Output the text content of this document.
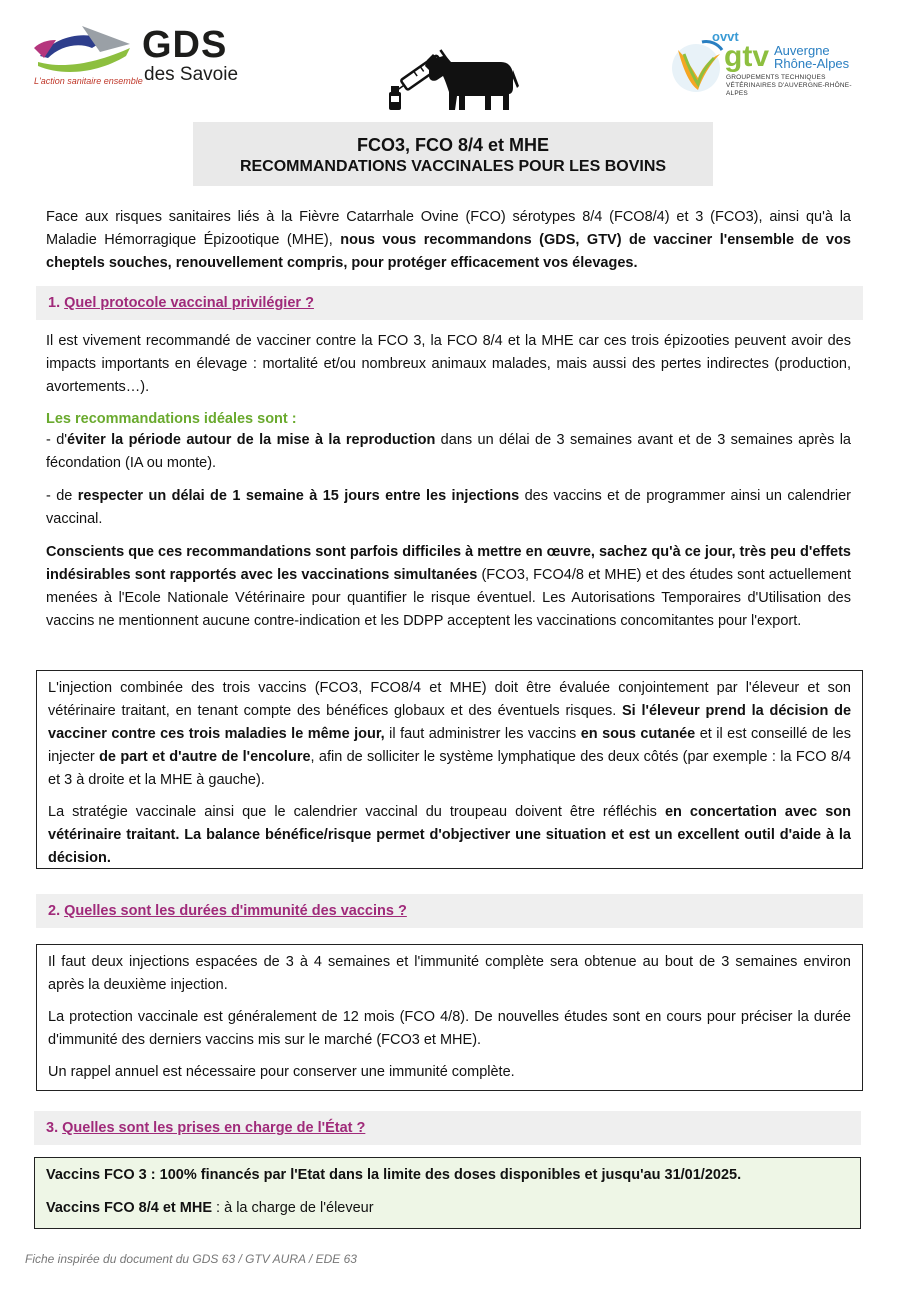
GDS
des Savoie
L'action sanitaire ensemble
ovvt
gtv Auvergne
Rhône-Alpes
GROUPEMENTS TECHNIQUES VÉTÉRINAIRES D'AUVERGNE-RHÔNE-ALPES
FCO3, FCO 8/4 et MHE
RECOMMANDATIONS VACCINALES POUR LES BOVINS

Face aux risques sanitaires liés à la Fièvre Catarrhale Ovine (FCO) sérotypes 8/4 (FCO8/4) et 3 (FCO3), ainsi qu'à la Maladie Hémorragique Épizootique (MHE), nous vous recommandons (GDS, GTV) de vacciner l'ensemble de vos cheptels souches, renouvellement compris, pour protéger efficacement vos élevages.

1. Quel protocole vaccinal privilégier ?

Il est vivement recommandé de vacciner contre la FCO 3, la FCO 8/4 et la MHE car ces trois épizooties peuvent avoir des impacts importants en élevage : mortalité et/ou nombreux animaux malades, mais aussi des pertes indirectes (production, avortements…).

Les recommandations idéales sont :

- d'éviter la période autour de la mise à la reproduction dans un délai de 3 semaines avant et de 3 semaines après la fécondation (IA ou monte).

- de respecter un délai de 1 semaine à 15 jours entre les injections des vaccins et de programmer ainsi un calendrier vaccinal.

Conscients que ces recommandations sont parfois difficiles à mettre en œuvre, sachez qu'à ce jour, très peu d'effets indésirables sont rapportés avec les vaccinations simultanées (FCO3, FCO4/8 et MHE) et des études sont actuellement menées à l'Ecole Nationale Vétérinaire pour quantifier le risque éventuel. Les Autorisations Temporaires d'Utilisation des vaccins ne mentionnent aucune contre-indication et les DDPP acceptent les vaccinations concomitantes pour l'export.

L'injection combinée des trois vaccins (FCO3, FCO8/4 et MHE) doit être évaluée conjointement par l'éleveur et son vétérinaire traitant, en tenant compte des bénéfices globaux et des éventuels risques. Si l'éleveur prend la décision de vacciner contre ces trois maladies le même jour, il faut administrer les vaccins en sous cutanée et il est conseillé de les injecter de part et d'autre de l'encolure, afin de solliciter le système lymphatique des deux côtés (par exemple : la FCO 8/4 et 3 à droite et la MHE à gauche).

La stratégie vaccinale ainsi que le calendrier vaccinal du troupeau doivent être réfléchis en concertation avec son vétérinaire traitant. La balance bénéfice/risque permet d'objectiver une situation et est un excellent outil d'aide à la décision.

2. Quelles sont les durées d'immunité des vaccins ?

Il faut deux injections espacées de 3 à 4 semaines et l'immunité complète sera obtenue au bout de 3 semaines environ après la deuxième injection.

La protection vaccinale est généralement de 12 mois (FCO 4/8). De nouvelles études sont en cours pour préciser la durée d'immunité des derniers vaccins mis sur le marché (FCO3 et MHE).

Un rappel annuel est nécessaire pour conserver une immunité complète.

3. Quelles sont les prises en charge de l'État ?

Vaccins FCO 3 : 100% financés par l'Etat dans la limite des doses disponibles et jusqu'au 31/01/2025.

Vaccins FCO 8/4 et MHE : à la charge de l'éleveur

Fiche inspirée du document du GDS 63 / GTV AURA / EDE 63
